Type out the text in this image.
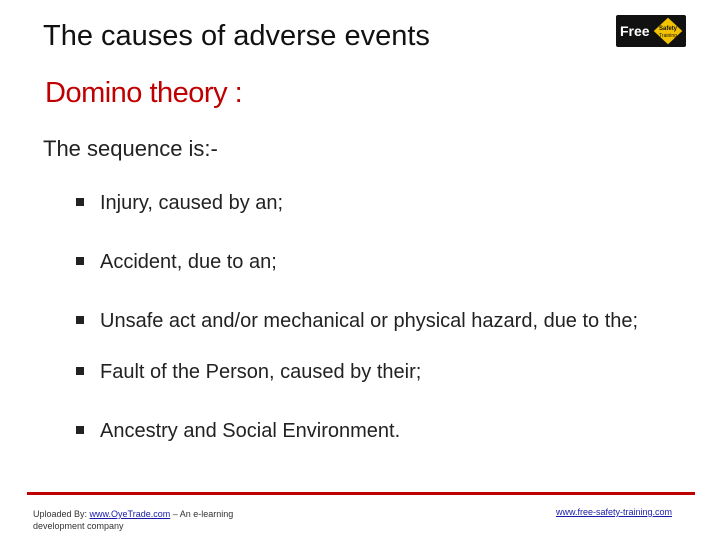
The causes of adverse events
Domino theory :
Free Safety
Training
The sequence is:-
Injury, caused by an;
Accident, due to an;
Unsafe act and/or mechanical or physical hazard, due to the;
Fault of the Person, caused by their;
Ancestry and Social Environment.
Uploaded By: www.OyeTrade.com – An e-learning development company
www.free-safety-training.com
